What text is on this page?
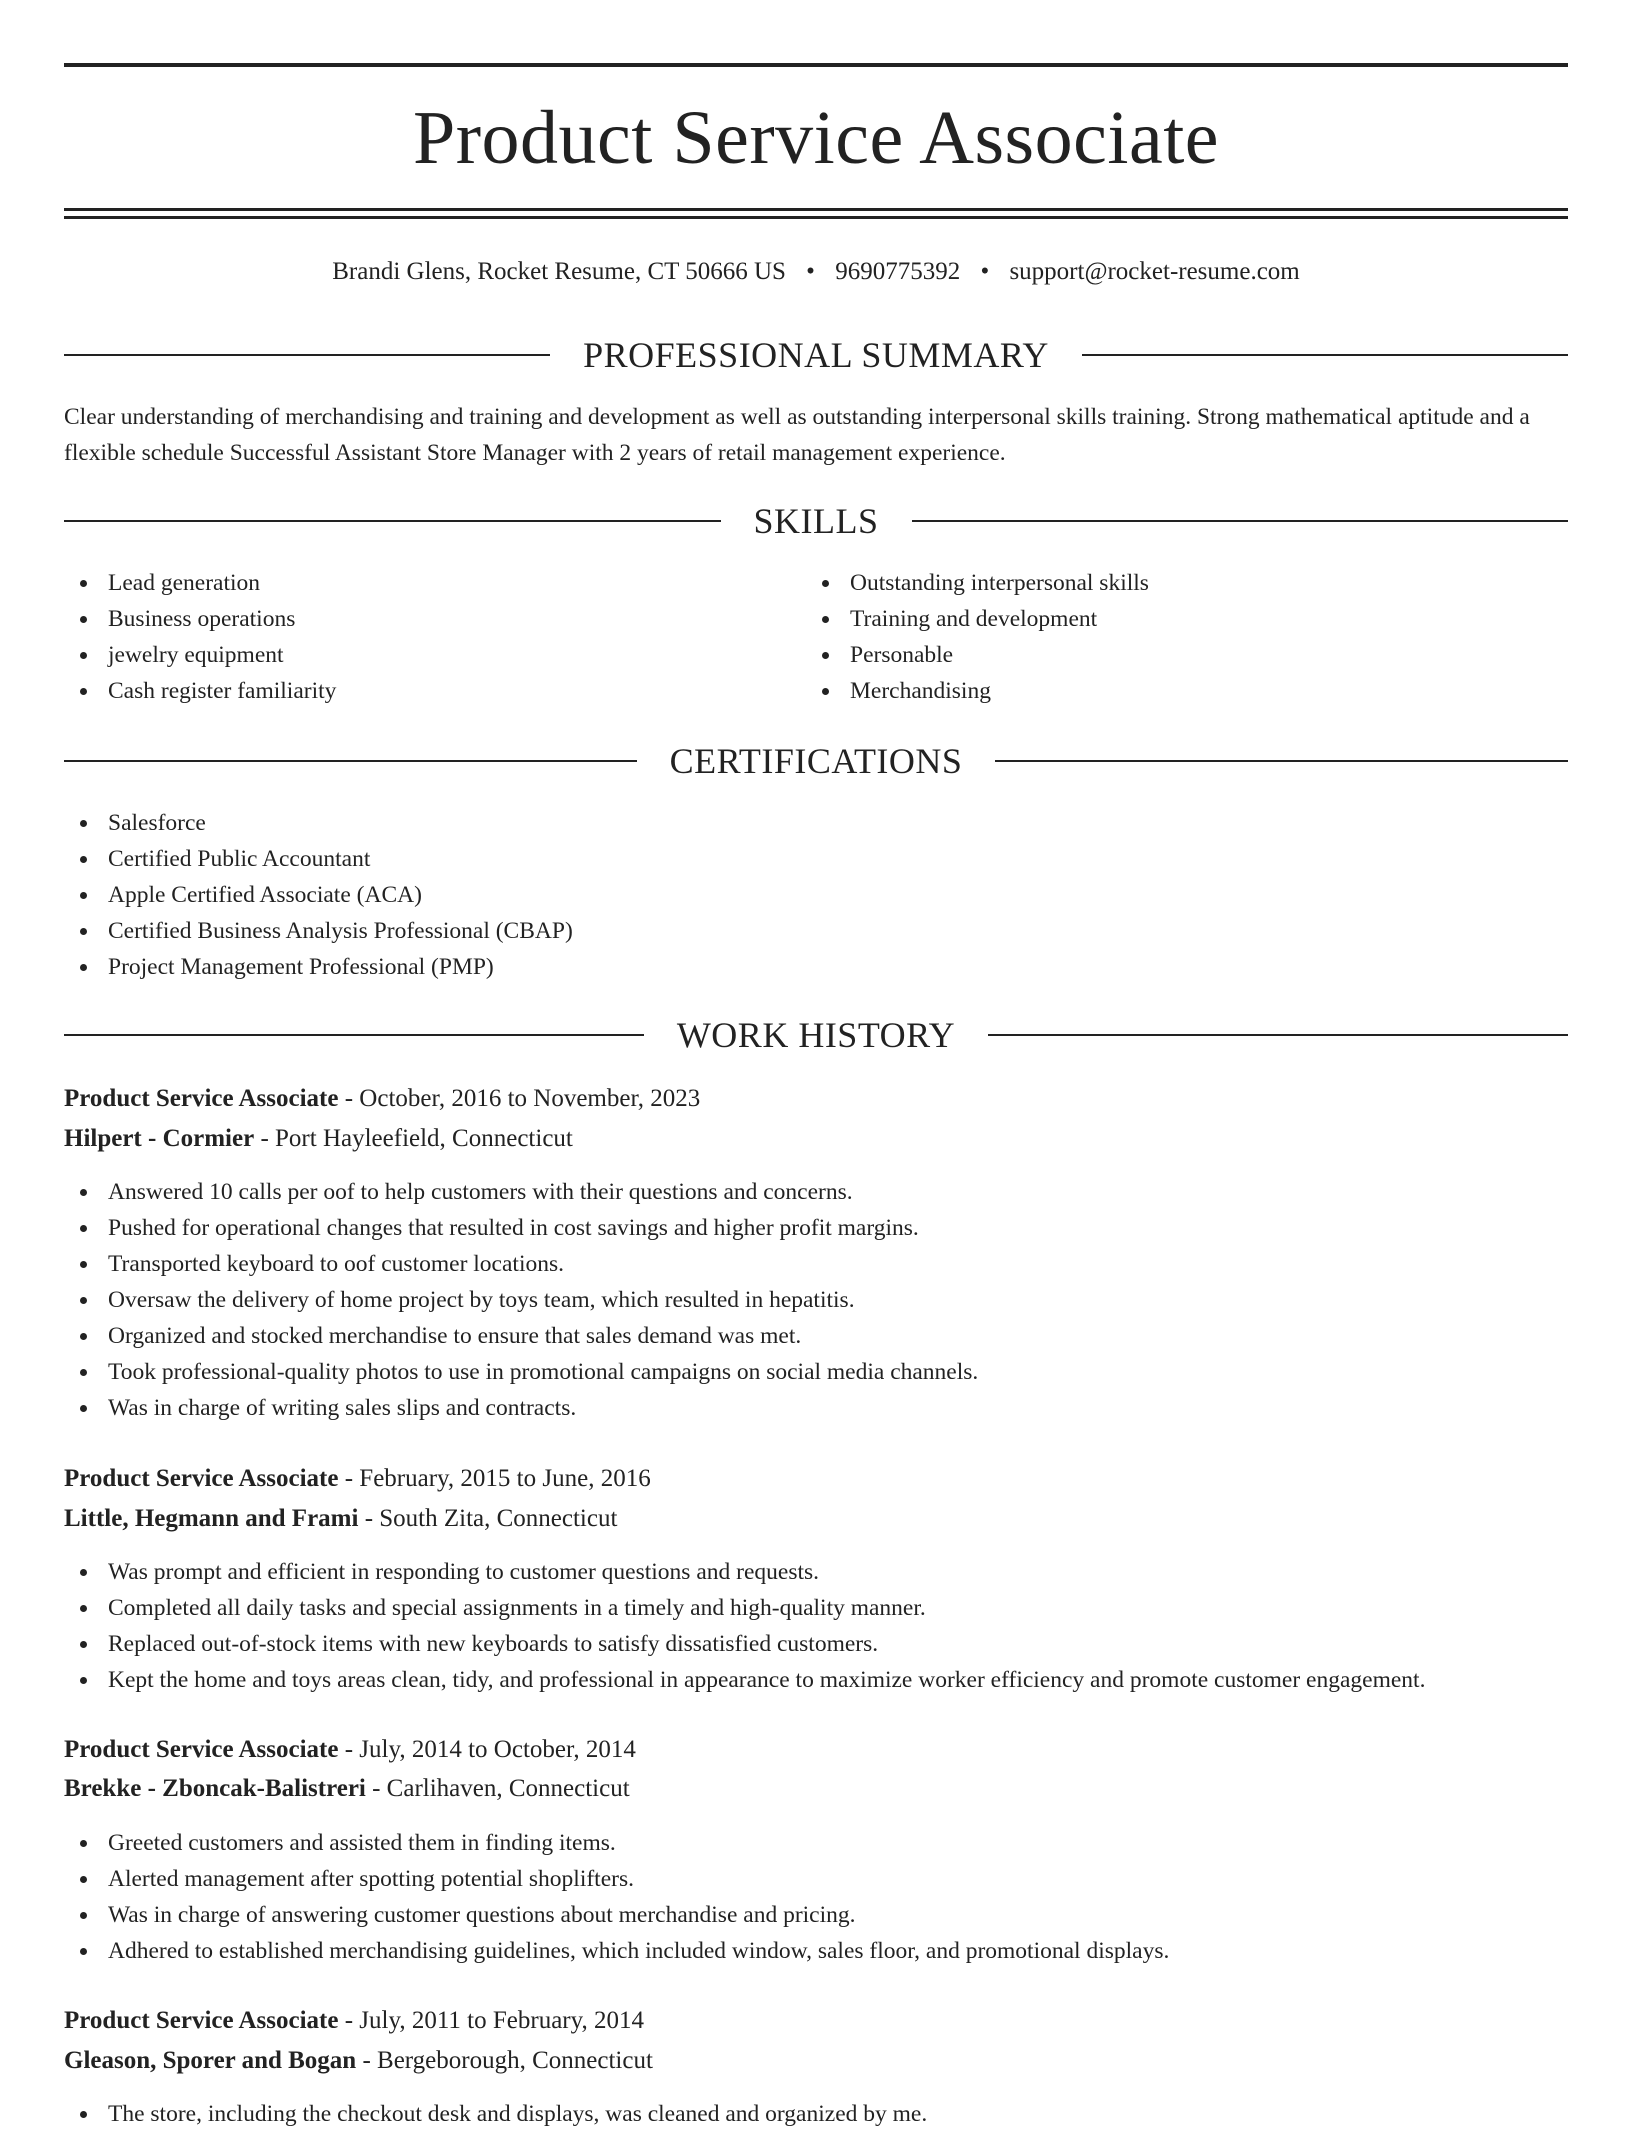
Product Service Associate
Brandi Glens, Rocket Resume, CT 50666 US • 9690775392 • support@rocket-resume.com
PROFESSIONAL SUMMARY

Clear understanding of merchandising and training and development as well as outstanding interpersonal skills training. Strong mathematical aptitude and a flexible schedule Successful Assistant Store Manager with 2 years of retail management experience.

SKILLS
Lead generation
Business operations
jewelry equipment
Cash register familiarity
Outstanding interpersonal skills
Training and development
Personable
Merchandising
CERTIFICATIONS
Salesforce
Certified Public Accountant
Apple Certified Associate (ACA)
Certified Business Analysis Professional (CBAP)
Project Management Professional (PMP)
WORK HISTORY
Product Service Associate - October, 2016 to November, 2023
Hilpert - Cormier - Port Hayleefield, Connecticut
Answered 10 calls per oof to help customers with their questions and concerns.
Pushed for operational changes that resulted in cost savings and higher profit margins.
Transported keyboard to oof customer locations.
Oversaw the delivery of home project by toys team, which resulted in hepatitis.
Organized and stocked merchandise to ensure that sales demand was met.
Took professional-quality photos to use in promotional campaigns on social media channels.
Was in charge of writing sales slips and contracts.
Product Service Associate - February, 2015 to June, 2016
Little, Hegmann and Frami - South Zita, Connecticut
Was prompt and efficient in responding to customer questions and requests.
Completed all daily tasks and special assignments in a timely and high-quality manner.
Replaced out-of-stock items with new keyboards to satisfy dissatisfied customers.
Kept the home and toys areas clean, tidy, and professional in appearance to maximize worker efficiency and promote customer engagement.
Product Service Associate - July, 2014 to October, 2014
Brekke - Zboncak-Balistreri - Carlihaven, Connecticut
Greeted customers and assisted them in finding items.
Alerted management after spotting potential shoplifters.
Was in charge of answering customer questions about merchandise and pricing.
Adhered to established merchandising guidelines, which included window, sales floor, and promotional displays.
Product Service Associate - July, 2011 to February, 2014
Gleason, Sporer and Bogan - Bergeborough, Connecticut
The store, including the checkout desk and displays, was cleaned and organized by me.
